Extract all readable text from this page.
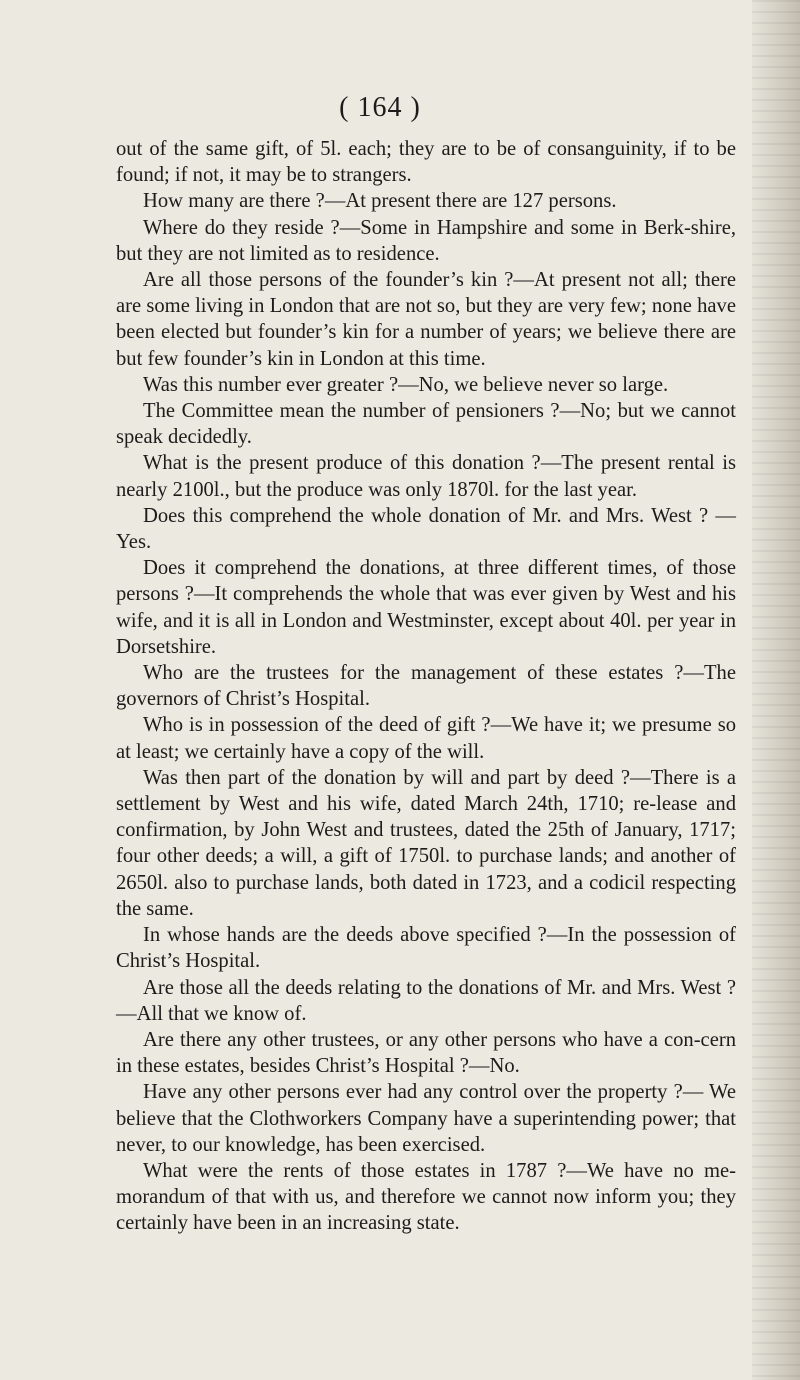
( 164 )

out of the same gift, of 5l. each; they are to be of consanguinity, if to be found; if not, it may be to strangers.

How many are there ?—At present there are 127 persons.

Where do they reside ?—Some in Hampshire and some in Berk-shire, but they are not limited as to residence.

Are all those persons of the founder’s kin ?—At present not all; there are some living in London that are not so, but they are very few; none have been elected but founder’s kin for a number of years; we believe there are but few founder’s kin in London at this time.

Was this number ever greater ?—No, we believe never so large.

The Committee mean the number of pensioners ?—No; but we cannot speak decidedly.

What is the present produce of this donation ?—The present rental is nearly 2100l., but the produce was only 1870l. for the last year.

Does this comprehend the whole donation of Mr. and Mrs. West ? —Yes.

Does it comprehend the donations, at three different times, of those persons ?—It comprehends the whole that was ever given by West and his wife, and it is all in London and Westminster, except about 40l. per year in Dorsetshire.

Who are the trustees for the management of these estates ?—The governors of Christ’s Hospital.

Who is in possession of the deed of gift ?—We have it; we presume so at least; we certainly have a copy of the will.

Was then part of the donation by will and part by deed ?—There is a settlement by West and his wife, dated March 24th, 1710; re-lease and confirmation, by John West and trustees, dated the 25th of January, 1717; four other deeds; a will, a gift of 1750l. to purchase lands; and another of 2650l. also to purchase lands, both dated in 1723, and a codicil respecting the same.

In whose hands are the deeds above specified ?—In the possession of Christ’s Hospital.

Are those all the deeds relating to the donations of Mr. and Mrs. West ?—All that we know of.

Are there any other trustees, or any other persons who have a con-cern in these estates, besides Christ’s Hospital ?—No.

Have any other persons ever had any control over the property ?— We believe that the Clothworkers Company have a superintending power; that never, to our knowledge, has been exercised.

What were the rents of those estates in 1787 ?—We have no me-morandum of that with us, and therefore we cannot now inform you; they certainly have been in an increasing state.
